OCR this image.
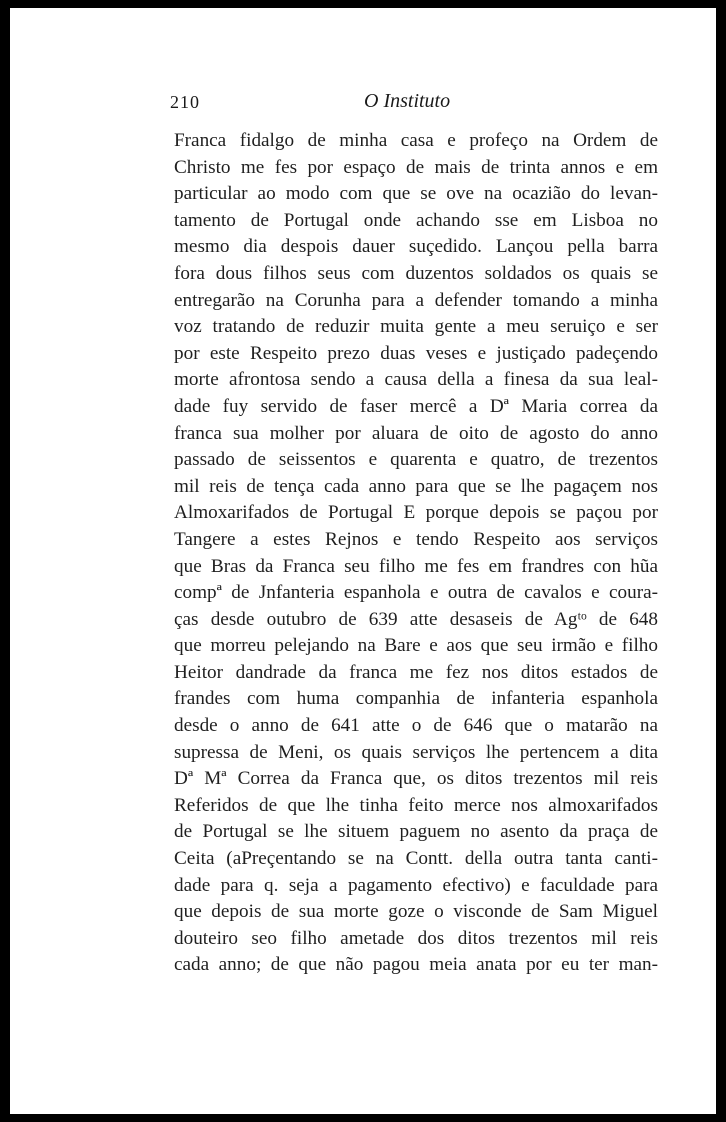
210	O Instituto
Franca fidalgo de minha casa e profeço na Ordem de
Christo me fes por espaço de mais de trinta annos e em
particular ao modo com que se ove na ocazião do levan-
tamento de Portugal onde achando sse em Lisboa no
mesmo dia despois dauer suçedido. Lançou pella barra
fora dous filhos seus com duzentos soldados os quais se
entregarão na Corunha para a defender tomando a minha
voz tratando de reduzir muita gente a meu seruiço e ser
por este Respeito prezo duas veses e justiçado padeçendo
morte afrontosa sendo a causa della a finesa da sua leal-
dade fuy servido de faser mercê a Dª Maria correa da
franca sua molher por aluara de oito de agosto do anno
passado de seissentos e quarenta e quatro, de trezentos
mil reis de tença cada anno para que se lhe pagaçem nos
Almoxarifados de Portugal E porque depois se paçou por
Tangere a estes Rejnos e tendo Respeito aos serviços
que Bras da Franca seu filho me fes em frandres con hũa
compª de Jnfanteria espanhola e outra de cavalos e coura-
ças desde outubro de 639 atte desaseis de Agᵗᵒ de 648
que morreu pelejando na Bare e aos que seu irmão e filho
Heitor dandrade da franca me fez nos ditos estados de
frandes com huma companhia de infanteria espanhola
desde o anno de 641 atte o de 646 que o matarão na
supressa de Meni, os quais serviços lhe pertencem a dita
Dª Mª Correa da Franca que, os ditos trezentos mil reis
Referidos de que lhe tinha feito merce nos almoxarifados
de Portugal se lhe situem paguem no asento da praça de
Ceita (aPreçentando se na Contt. della outra tanta canti-
dade para q. seja a pagamento efectivo) e faculdade para
que depois de sua morte goze o visconde de Sam Miguel
douteiro seo filho ametade dos ditos trezentos mil reis
cada anno; de que não pagou meia anata por eu ter man-
